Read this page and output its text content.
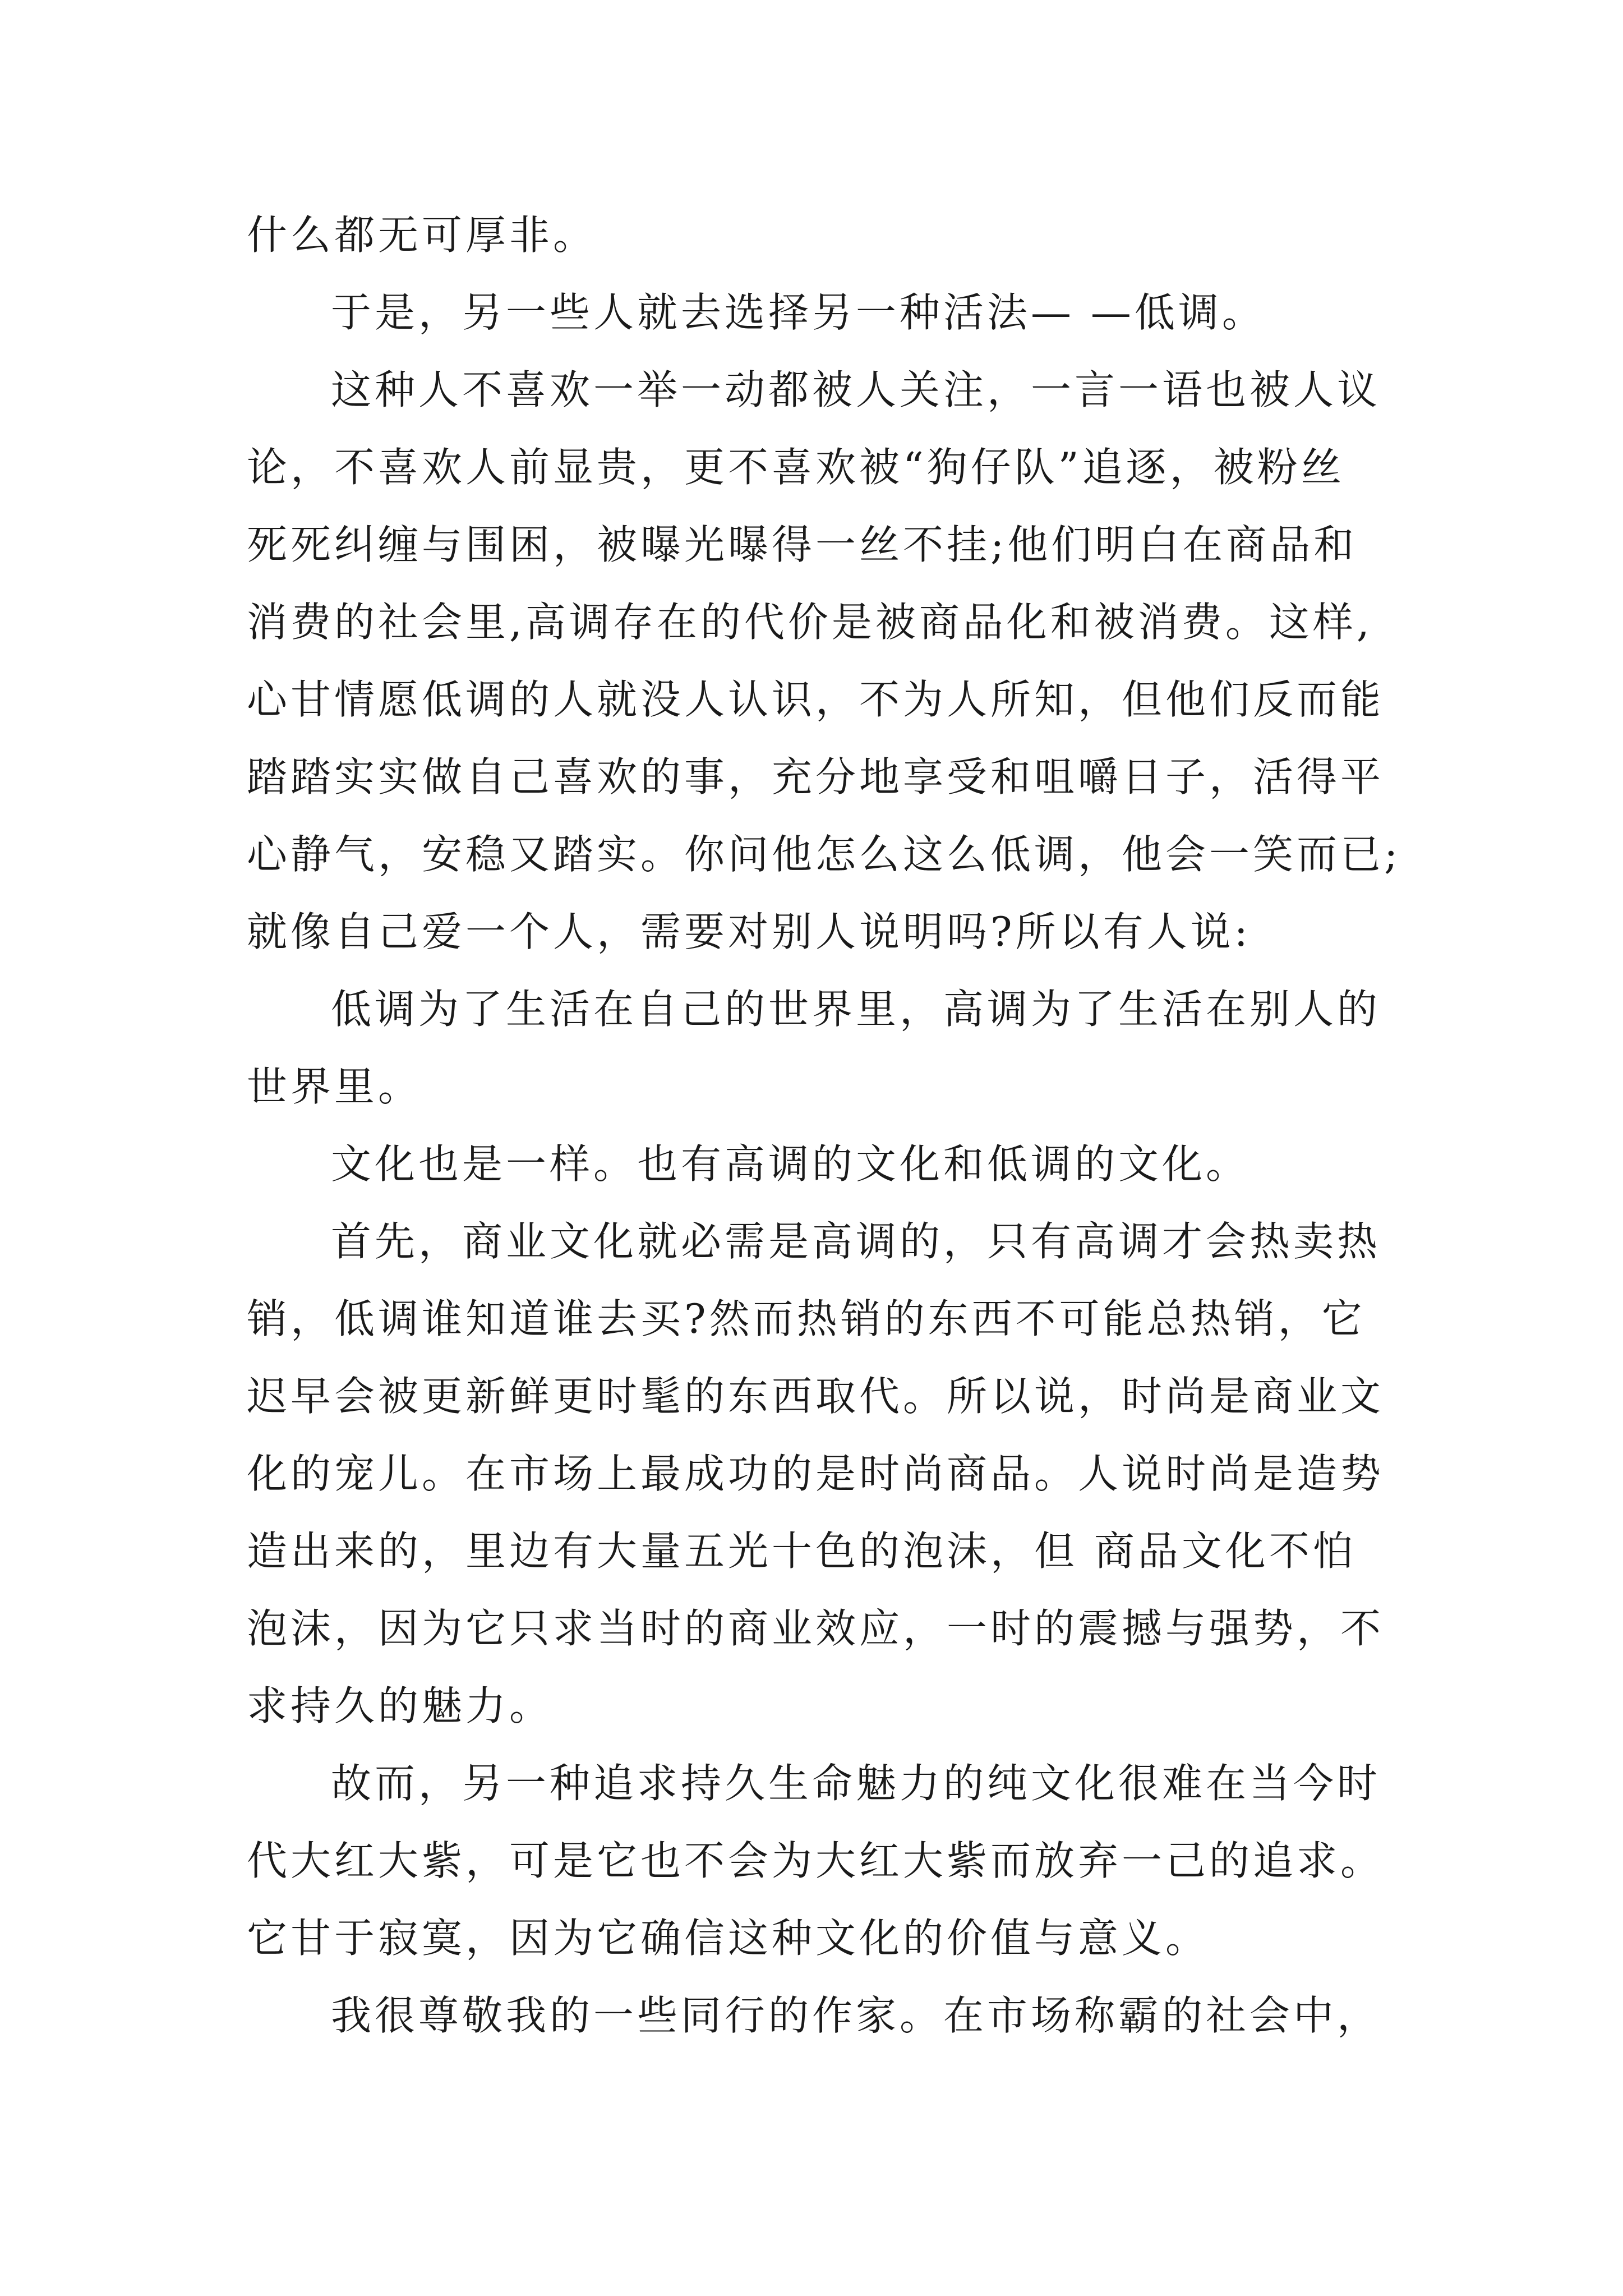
什么都无可厚非。
于是，另一些人就去选择另一种活法— —低调。
这种人不喜欢一举一动都被人关注，一言一语也被人议
论，不喜欢人前显贵，更不喜欢被“狗仔队”追逐，被粉丝
死死纠缠与围困，被曝光曝得一丝不挂;他们明白在商品和
消费的社会里,高调存在的代价是被商品化和被消费。这样,
心甘情愿低调的人就没人认识，不为人所知，但他们反而能
踏踏实实做自己喜欢的事，充分地享受和咀嚼日子，活得平
心静气，安稳又踏实。你问他怎么这么低调，他会一笑而已;
就像自己爱一个人，需要对别人说明吗?所以有人说:
低调为了生活在自己的世界里，高调为了生活在别人的
世界里。
文化也是一样。也有高调的文化和低调的文化。
首先，商业文化就必需是高调的，只有高调才会热卖热
销，低调谁知道谁去买?然而热销的东西不可能总热销，它
迟早会被更新鲜更时髦的东西取代。所以说，时尚是商业文
化的宠儿。在市场上最成功的是时尚商品。人说时尚是造势
造出来的，里边有大量五光十色的泡沫，但 商品文化不怕
泡沫，因为它只求当时的商业效应，一时的震撼与强势，不
求持久的魅力。
故而，另一种追求持久生命魅力的纯文化很难在当今时
代大红大紫，可是它也不会为大红大紫而放弃一己的追求。
它甘于寂寞，因为它确信这种文化的价值与意义。
我很尊敬我的一些同行的作家。在市场称霸的社会中，
